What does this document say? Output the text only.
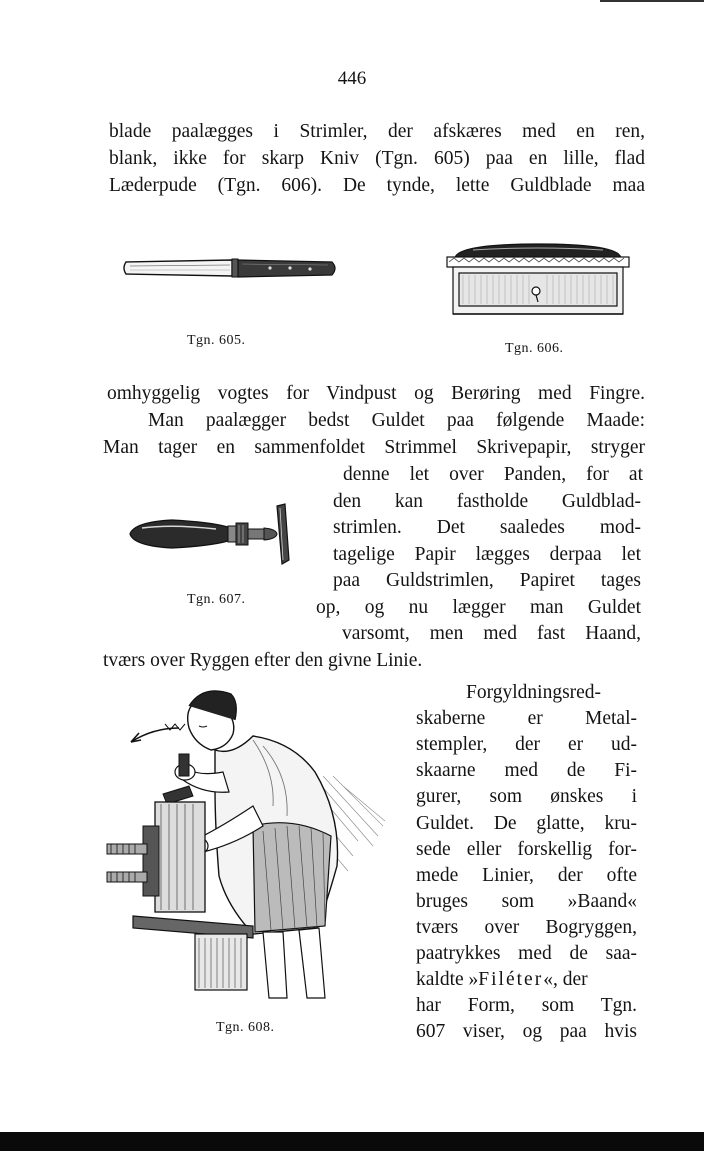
446
blade paalægges i Strimler, der afskæres med en ren,
blank, ikke for skarp Kniv (Tgn. 605) paa en lille, flad
Læderpude (Tgn. 606). De tynde, lette Guldblade maa
Tgn. 605.
Tgn. 606.
omhyggelig vogtes for Vindpust og Berøring med Fingre.
Man paalægger bedst Guldet paa følgende Maade:
Man tager en sammenfoldet Strimmel Skrivepapir, stryger
denne let over Panden, for at
den kan fastholde Guldblad-
strimlen. Det saaledes mod-
tagelige Papir lægges derpaa let
paa Guldstrimlen, Papiret tages
op, og nu lægger man Guldet
varsomt, men med fast Haand,
tværs over Ryggen efter den givne Linie.
Tgn. 607.
Tgn. 608.
Forgyldningsred-
skaberne er Metal-
stempler, der er ud-
skaarne med de Fi-
gurer, som ønskes i
Guldet. De glatte, kru-
sede eller forskellig for-
mede Linier, der ofte
bruges som »Baand«
tværs over Bogryggen,
paatrykkes med de saa-
kaldte »Filéter«, der
har Form, som Tgn.
607 viser, og paa hvis
